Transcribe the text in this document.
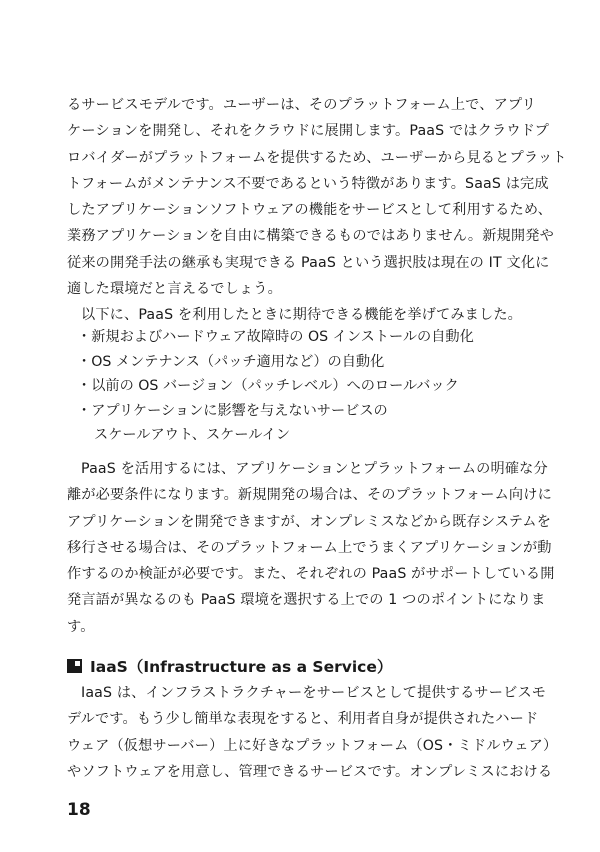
るサービスモデルです。ユーザーは、そのプラットフォーム上で、アプリ
ケーションを開発し、それをクラウドに展開します。PaaS ではクラウドプ
ロバイダーがプラットフォームを提供するため、ユーザーから見るとプラット
トフォームがメンテナンス不要であるという特徴があります。SaaS は完成
したアプリケーションソフトウェアの機能をサービスとして利用するため、
業務アプリケーションを自由に構築できるものではありません。新規開発や
従来の開発手法の継承も実現できる PaaS という選択肢は現在の IT 文化に
適した環境だと言えるでしょう。
以下に、PaaS を利用したときに期待できる機能を挙げてみました。
・新規およびハードウェア故障時の OS インストールの自動化
・OS メンテナンス（パッチ適用など）の自動化
・以前の OS バージョン（パッチレベル）へのロールバック
・アプリケーションに影響を与えないサービスの
スケールアウト、スケールイン
PaaS を活用するには、アプリケーションとプラットフォームの明確な分
離が必要条件になります。新規開発の場合は、そのプラットフォーム向けに
アプリケーションを開発できますが、オンプレミスなどから既存システムを
移行させる場合は、そのプラットフォーム上でうまくアプリケーションが動
作するのか検証が必要です。また、それぞれの PaaS がサポートしている開
発言語が異なるのも PaaS 環境を選択する上での 1 つのポイントになりま
す。
IaaS（Infrastructure as a Service）
IaaS は、インフラストラクチャーをサービスとして提供するサービスモ
デルです。もう少し簡単な表現をすると、利用者自身が提供されたハード
ウェア（仮想サーバー）上に好きなプラットフォーム（OS・ミドルウェア）
やソフトウェアを用意し、管理できるサービスです。オンプレミスにおける
18
